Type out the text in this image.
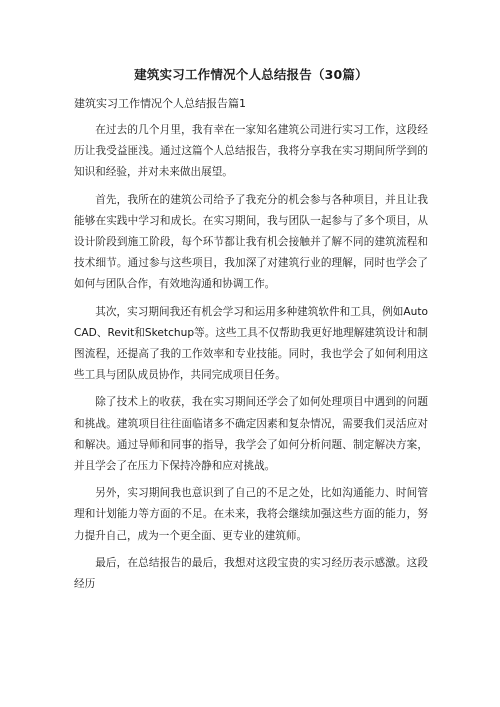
建筑实习工作情况个人总结报告（30篇）
建筑实习工作情况个人总结报告篇1

在过去的几个月里，我有幸在一家知名建筑公司进行实习工作，这段经历让我受益匪浅。通过这篇个人总结报告，我将分享我在实习期间所学到的知识和经验，并对未来做出展望。

首先，我所在的建筑公司给予了我充分的机会参与各种项目，并且让我能够在实践中学习和成长。在实习期间，我与团队一起参与了多个项目，从设计阶段到施工阶段，每个环节都让我有机会接触并了解不同的建筑流程和技术细节。通过参与这些项目，我加深了对建筑行业的理解，同时也学会了如何与团队合作，有效地沟通和协调工作。

其次，实习期间我还有机会学习和运用多种建筑软件和工具，例如AutoCAD、Revit和Sketchup等。这些工具不仅帮助我更好地理解建筑设计和制图流程，还提高了我的工作效率和专业技能。同时，我也学会了如何利用这些工具与团队成员协作，共同完成项目任务。

除了技术上的收获，我在实习期间还学会了如何处理项目中遇到的问题和挑战。建筑项目往往面临诸多不确定因素和复杂情况，需要我们灵活应对和解决。通过导师和同事的指导，我学会了如何分析问题、制定解决方案，并且学会了在压力下保持冷静和应对挑战。

另外，实习期间我也意识到了自己的不足之处，比如沟通能力、时间管理和计划能力等方面的不足。在未来，我将会继续加强这些方面的能力，努力提升自己，成为一个更全面、更专业的建筑师。

最后，在总结报告的最后，我想对这段宝贵的实习经历表示感激。这段经历
